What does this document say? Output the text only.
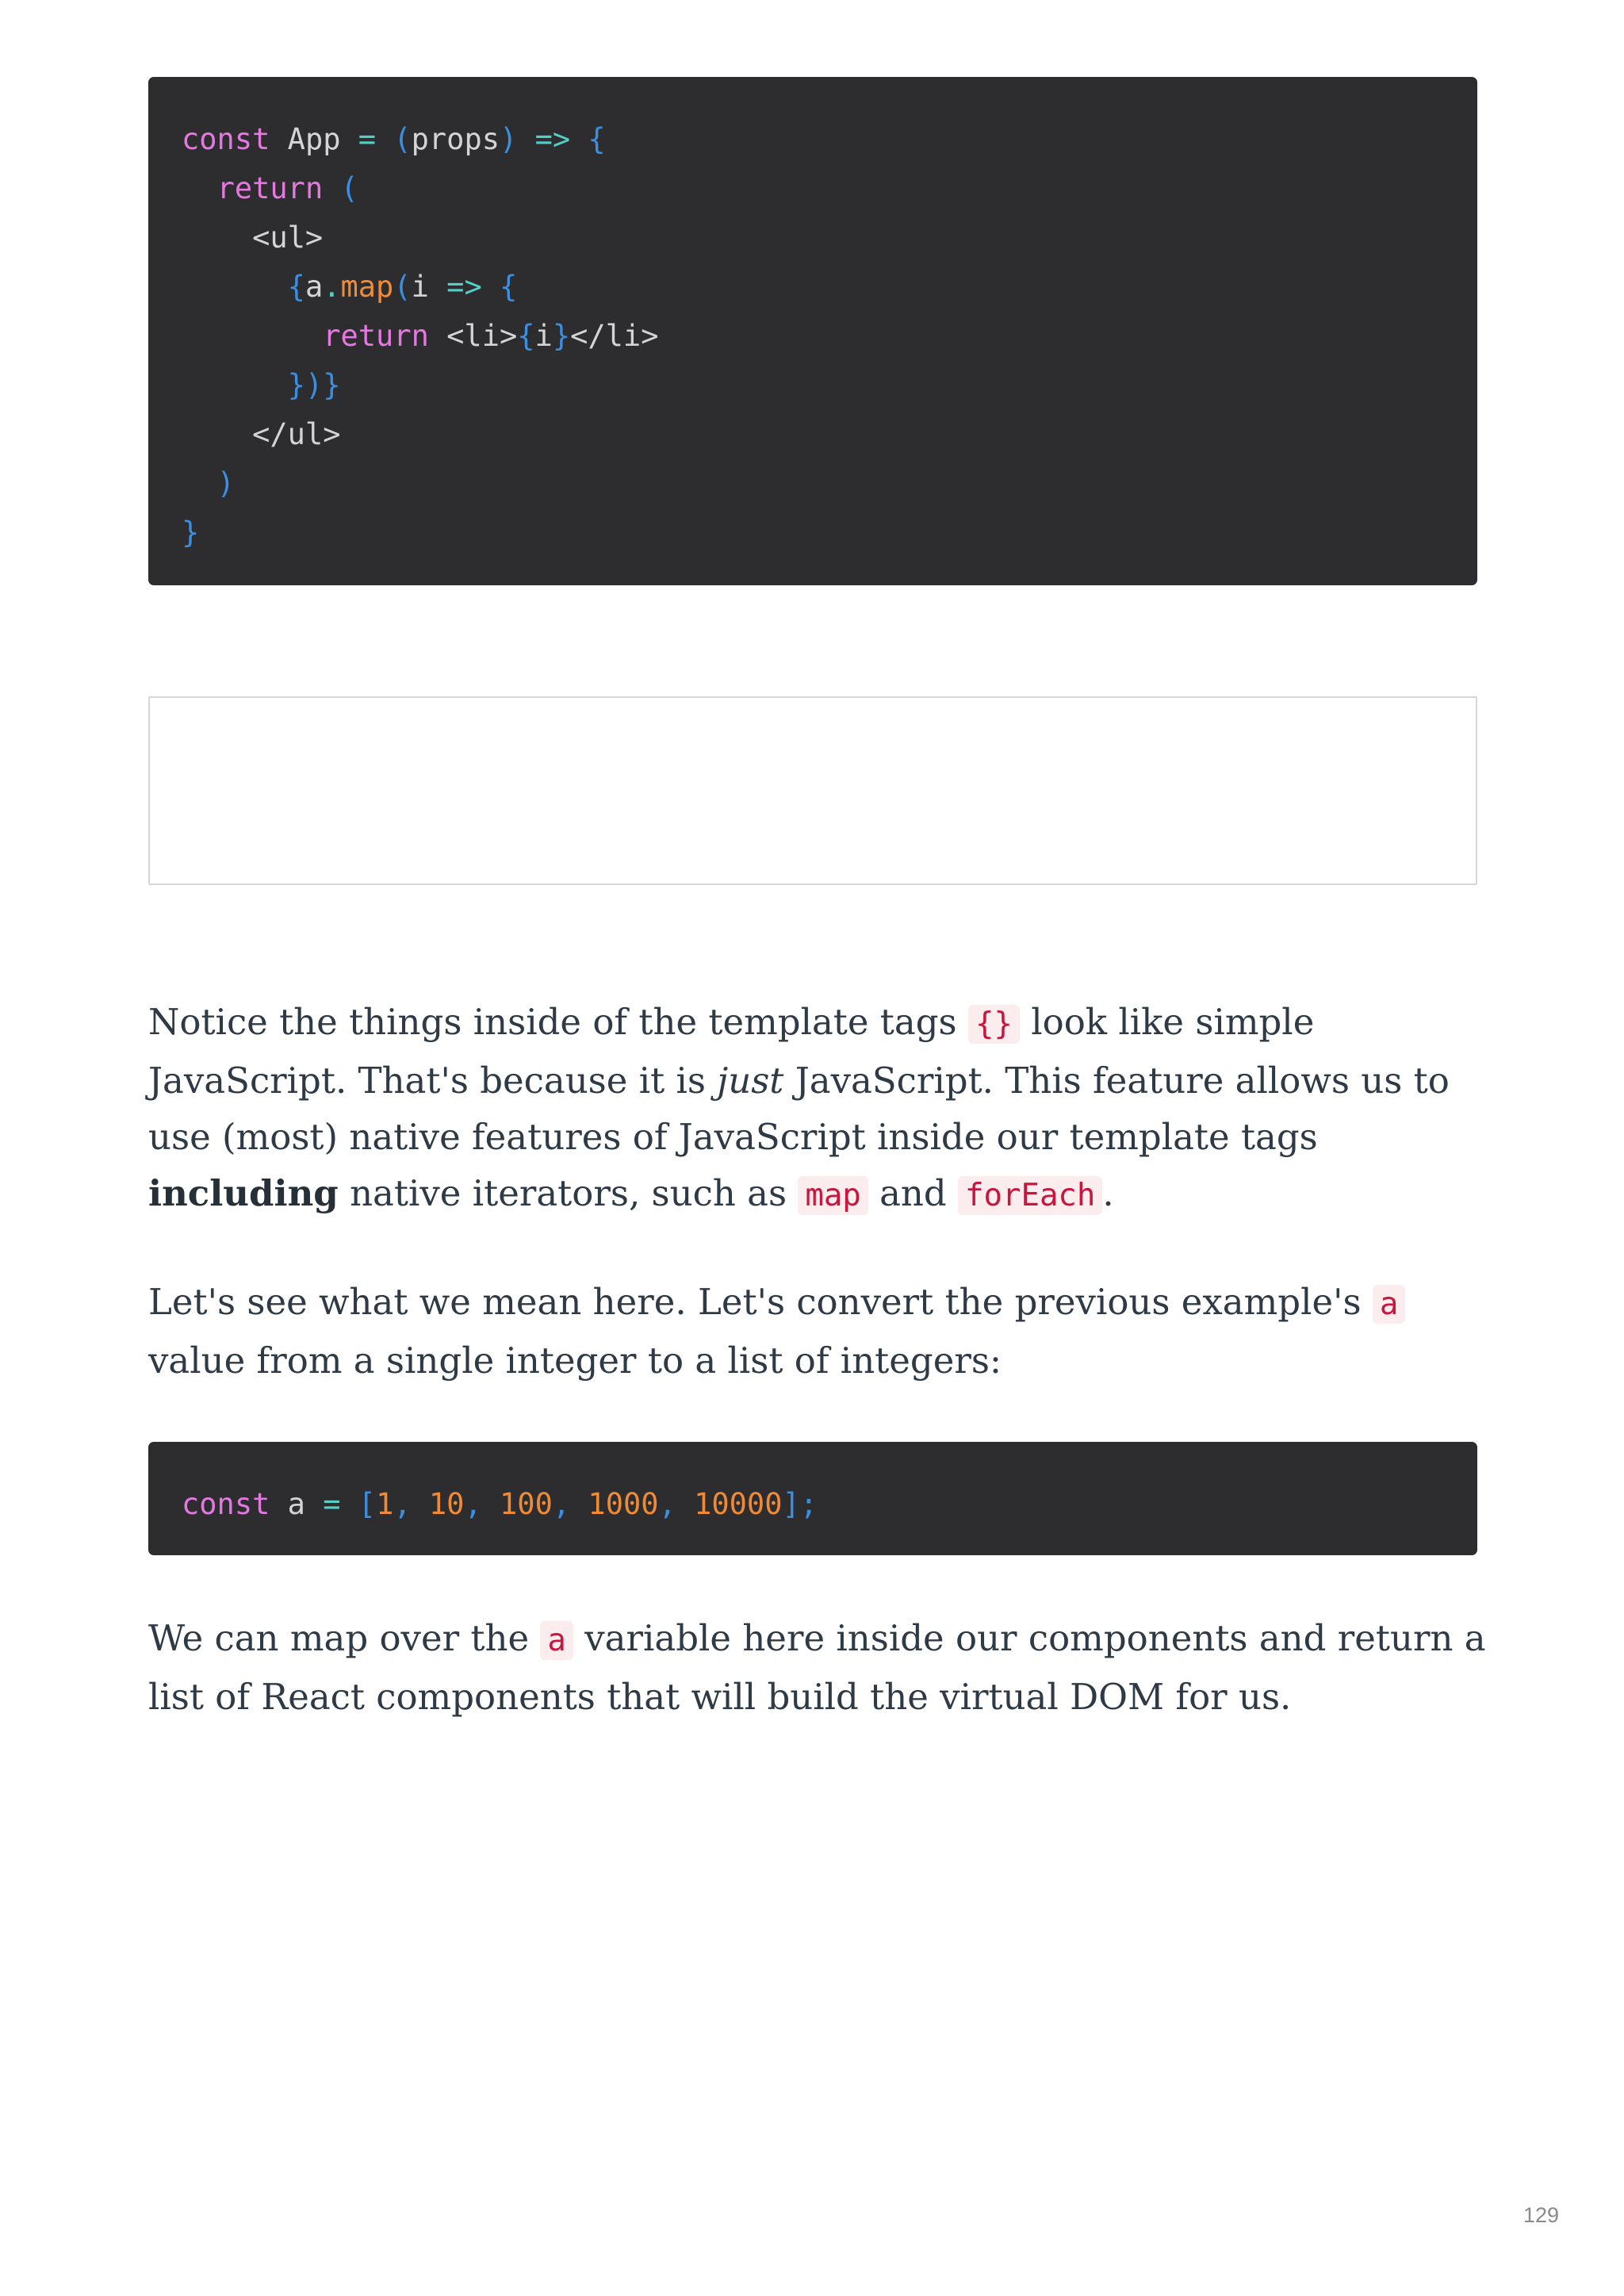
const App = (props) => {
return (
<ul>
{a.map(i => {
return <li>{i}</li>
})}
</ul>
)
}

Notice the things inside of the template tags {} look like simple JavaScript. That's because it is just JavaScript. This feature allows us to use (most) native features of JavaScript inside our template tags including native iterators, such as map and forEach .

Let's see what we mean here. Let's convert the previous example's a value from a single integer to a list of integers:

const a = [1, 10, 100, 1000, 10000];

We can map over the a variable here inside our components and return a list of React components that will build the virtual DOM for us.

129
